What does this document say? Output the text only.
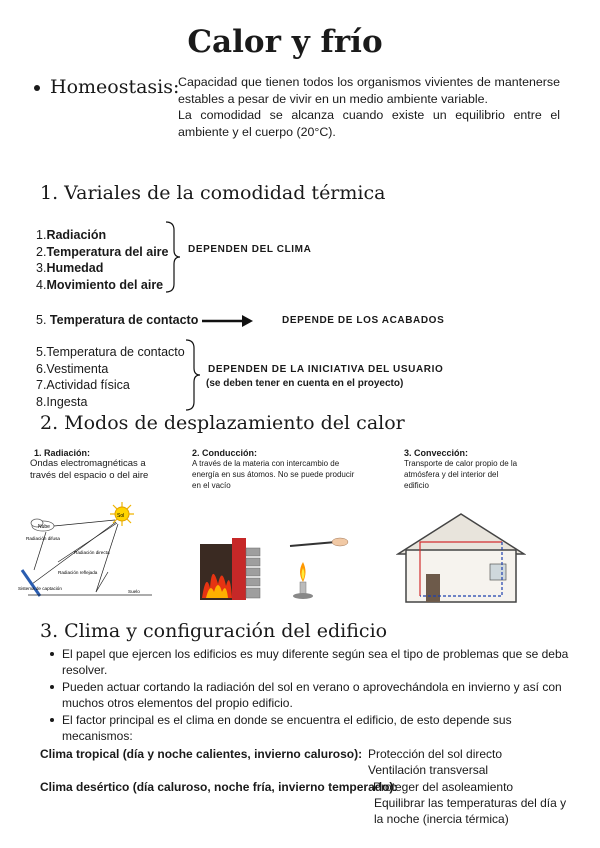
Calor y frío
Homeostasis:

Capacidad que tienen todos los organismos vivientes de mantenerse estables a pesar de vivir en un medio ambiente variable.

La comodidad se alcanza cuando existe un equilibrio entre el ambiente y el cuerpo (20°C).

1. Variales de la comodidad térmica
1.Radiación
2.Temperatura del aire
3.Humedad
4.Movimiento del aire
DEPENDEN DEL CLIMA
5. Temperatura de contacto	DEPENDE DE LOS ACABADOS
5.Temperatura de contacto
6.Vestimenta
7.Actividad física
8.Ingesta
DEPENDEN DE LA INICIATIVA DEL USUARIO
(se deben tener en cuenta en el proyecto)
2. Modos de desplazamiento del calor
1. Radiación:
Ondas electromagnéticas a través del espacio o del aire
2. Conducción:
A través de la materia con intercambio de energía en sus átomos. No se puede producir en el vacío
3. Convección:
Transporte de calor propio de la atmósfera y del interior del edificio
Sol
Nube
Radiación difusa
Radiación directa
Radiación reflejada
Sistema de captación
Suelo
3. Clima y configuración del edificio
El papel que ejercen los edificios es muy diferente según sea el tipo de problemas que se deba resolver.
Pueden actuar cortando la radiación del sol en verano o aprovechándola en invierno y así con muchos otros elementos del propio edificio.
El factor principal es el clima en donde se encuentra el edificio, de esto depende sus mecanismos:
Clima tropical (día y noche calientes, invierno caluroso): Protección del sol directo
Ventilación transversal
Clima desértico (día caluroso, noche fría, invierno temperado):
Proteger del asoleamiento
Equilibrar las temperaturas del día y
la noche (inercia térmica)
